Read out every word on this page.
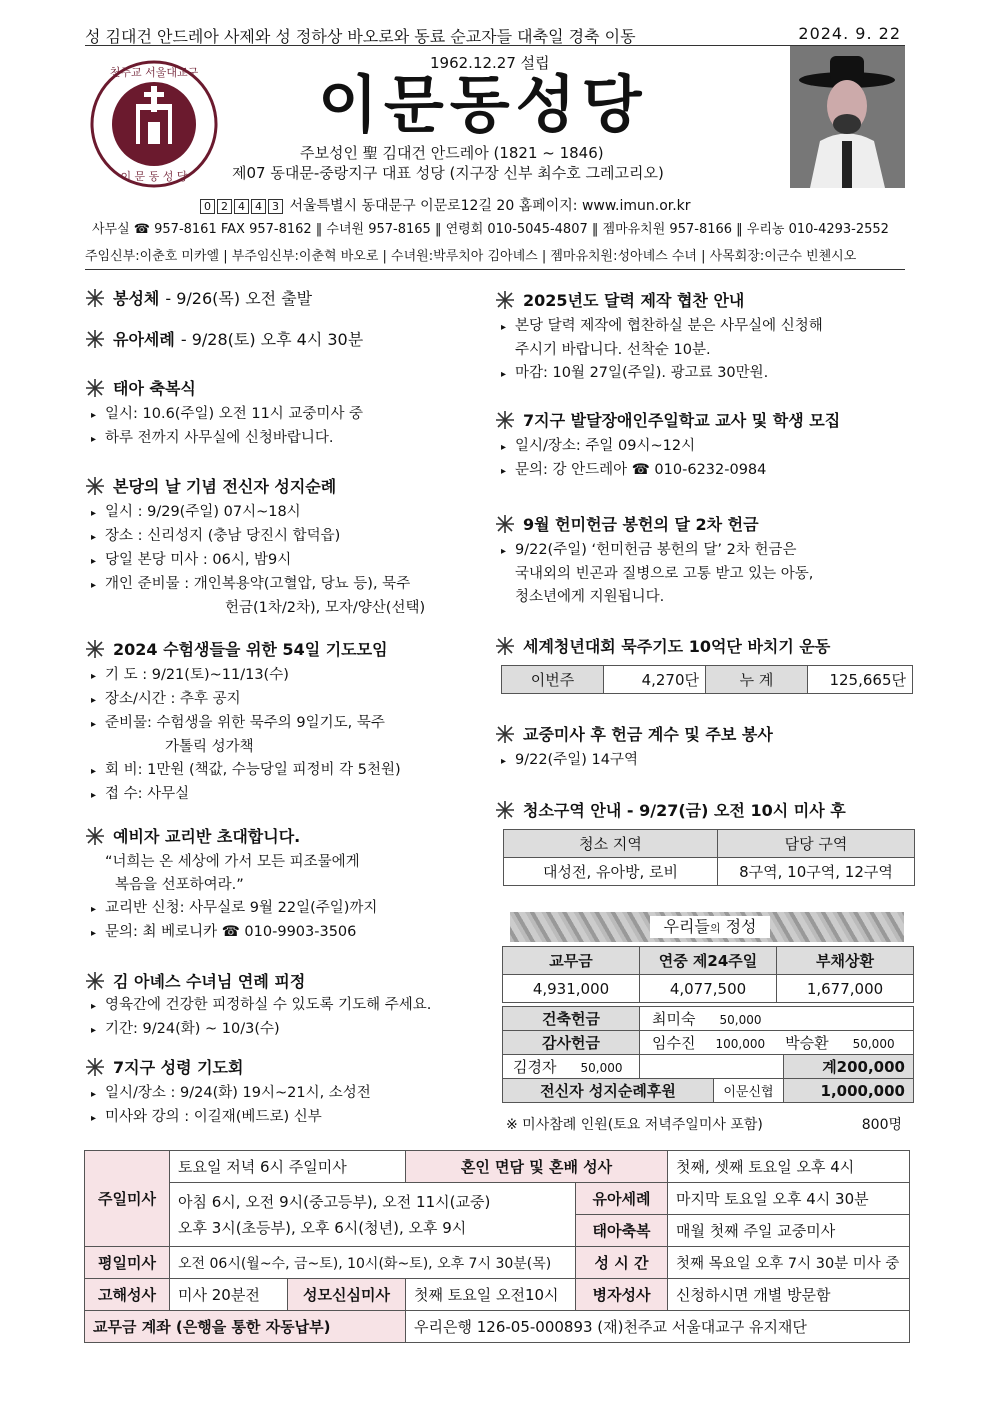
성 김대건 안드레아 사제와 성 정하상 바오로와 동료 순교자들 대축일 경축 이동	2024. 9. 22
천주교 서울대교구
이 문 동 성 당
1962.12.27 설립
이문동성당
주보성인 聖 김대건 안드레아 (1821 ~ 1846)
제07 동대문-중랑지구 대표 성당 (지구장 신부 최수호 그레고리오)
0 2 4 4 3 서울특별시 동대문구 이문로12길 20 홈페이지: www.imun.or.kr
사무실 ☎ 957-8161 FAX 957-8162 ‖ 수녀원 957-8165 ‖ 연령회 010-5045-4807 ‖ 젬마유치원 957-8166 ‖ 우리농 010-4293-2552
주임신부:이춘호 미카엘 | 부주임신부:이춘혁 바오로 | 수녀원:박루치아 김아녜스 | 젬마유치원:성아녜스 수녀 | 사목회장:이근수 빈첸시오
봉성체 - 9/26(목) 오전 출발
유아세례 - 9/28(토) 오후 4시 30분
태아 축복식
▸ 일시: 10.6(주일) 오전 11시 교중미사 중
▸ 하루 전까지 사무실에 신청바랍니다.
본당의 날 기념 전신자 성지순례
▸ 일시 : 9/29(주일) 07시~18시
▸ 장소 : 신리성지 (충남 당진시 합덕읍)
▸ 당일 본당 미사 : 06시, 밤9시
▸ 개인 준비물 : 개인복용약(고혈압, 당뇨 등), 묵주
헌금(1차/2차), 모자/양산(선택)
2024 수험생들을 위한 54일 기도모임
▸ 기 도 : 9/21(토)~11/13(수)
▸ 장소/시간 : 추후 공지
▸ 준비물: 수험생을 위한 묵주의 9일기도, 묵주
가톨릭 성가책
▸ 회 비: 1만원 (책값, 수능당일 피정비 각 5천원)
▸ 접 수: 사무실
예비자 교리반 초대합니다.
“너희는 온 세상에 가서 모든 피조물에게
복음을 선포하여라.”
▸ 교리반 신청: 사무실로 9월 22일(주일)까지
▸ 문의: 최 베로니카 ☎ 010-9903-3506
김 아녜스 수녀님 연례 피정
▸ 영육간에 건강한 피정하실 수 있도록 기도해 주세요.
▸ 기간: 9/24(화) ~ 10/3(수)
7지구 성령 기도회
▸ 일시/장소 : 9/24(화) 19시~21시, 소성전
▸ 미사와 강의 : 이길재(베드로) 신부
2025년도 달력 제작 협찬 안내
▸ 본당 달력 제작에 협찬하실 분은 사무실에 신청해
주시기 바랍니다. 선착순 10분.
▸ 마감: 10월 27일(주일). 광고료 30만원.
7지구 발달장애인주일학교 교사 및 학생 모집
▸ 일시/장소: 주일 09시~12시
▸ 문의: 강 안드레아 ☎ 010-6232-0984
9월 헌미헌금 봉헌의 달 2차 헌금
▸ 9/22(주일) ‘헌미헌금 봉헌의 달’ 2차 헌금은
국내외의 빈곤과 질병으로 고통 받고 있는 아동,
청소년에게 지원됩니다.
세계청년대회 묵주기도 10억단 바치기 운동
이번주	4,270단	누 계	125,665단
교중미사 후 헌금 계수 및 주보 봉사
▸ 9/22(주일) 14구역
청소구역 안내 - 9/27(금) 오전 10시 미사 후
청소 지역	담당 구역
대성전, 유아방, 로비	8구역, 10구역, 12구역
우리들의 정성
교무금	연중 제24주일	부채상환
4,931,000	4,077,500	1,677,000
건축헌금	최미숙 50,000		
감사헌금	임수진 100,000 박승환 50,000		
김경자 50,000			계200,000
전신자 성지순례후원		이문신협	1,000,000
※ 미사참례 인원(토요 저녁주일미사 포함)	800명
주일미사	토요일 저녁 6시 주일미사		혼인 면담 및 혼배 성사		첫째, 셋째 토요일 오후 4시

	아침 6시, 오전 9시(중고등부), 오전 11시(교중)
오후 3시(초등부), 오후 6시(청년), 오후 9시			유아세례	마지막 토요일 오후 4시 30분
				태아축복	매월 첫째 주일 교중미사
평일미사	오전 06시(월~수, 금~토), 10시(화~토), 오후 7시 30분(목)			성 시 간	첫째 목요일 오후 7시 30분 미사 중
고해성사	미사 20분전	성모신심미사	첫째 토요일 오전10시	병자성사	신청하시면 개별 방문함
교무금 계좌 (은행을 통한 자동납부)			우리은행 126-05-000893 (재)천주교 서울대교구 유지재단		
